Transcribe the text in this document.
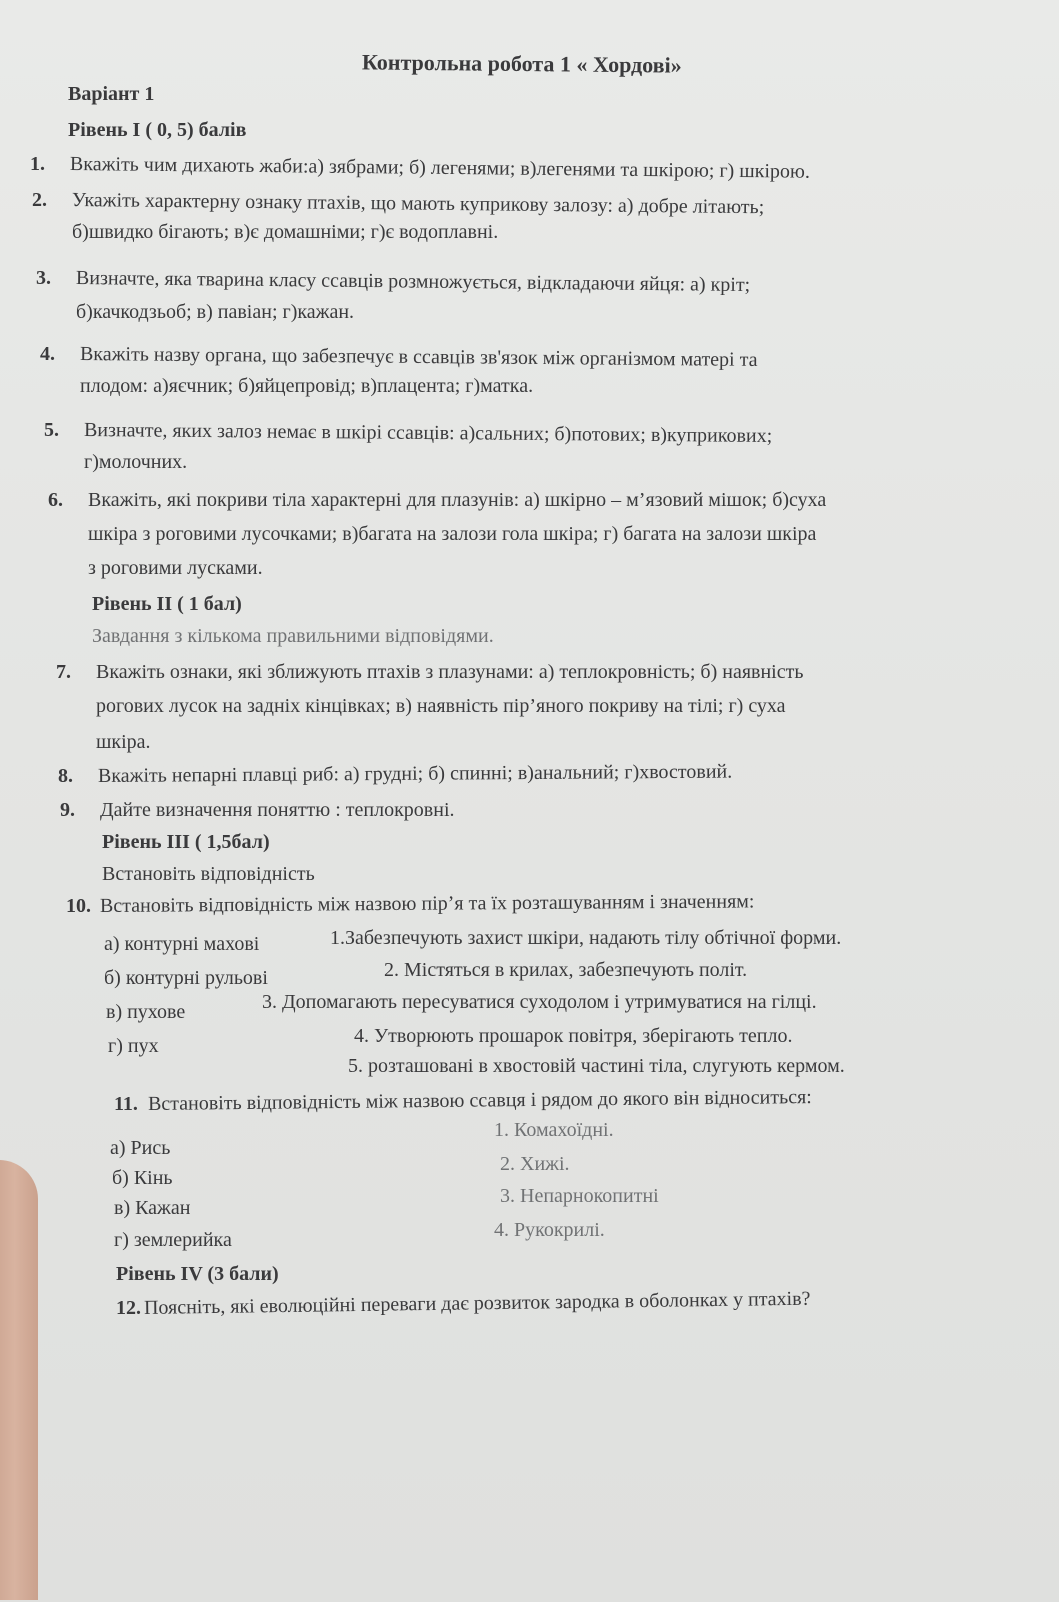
Контрольна робота 1 « Хордові»
Варіант 1
Рівень І ( 0, 5) балів
1. Вкажіть чим дихають жаби:а) зябрами; б) легенями; в)легенями та шкірою; г) шкірою.
2. Укажіть характерну ознаку птахів, що мають куприкову залозу: а) добре літають;
б)швидко бігають; в)є домашніми; г)є водоплавні.
3. Визначте, яка тварина класу ссавців розмножується, відкладаючи яйця: а) кріт;
б)качкодзьоб; в) павіан; г)кажан.
4. Вкажіть назву органа, що забезпечує в ссавців зв'язок між організмом матері та
плодом: а)яєчник; б)яйцепровід; в)плацента; г)матка.
5. Визначте, яких залоз немає в шкірі ссавців: а)сальних; б)потових; в)куприкових;
г)молочних.
6. Вкажіть, які покриви тіла характерні для плазунів: а) шкірно – м’язовий мішок; б)суха
шкіра з роговими лусочками; в)багата на залози гола шкіра; г) багата на залози шкіра
з роговими лусками.
Рівень ІІ ( 1 бал)
Завдання з кількома правильними відповідями.
7. Вкажіть ознаки, які зближують птахів з плазунами: а) теплокровність; б) наявність
рогових лусок на задніх кінцівках; в) наявність пір’яного покриву на тілі; г) суха
шкіра.
8. Вкажіть непарні плавці риб: а) грудні; б) спинні; в)анальний; г)хвостовий.
9. Дайте визначення поняттю : теплокровні.
Рівень ІІІ ( 1,5бал)
Встановіть відповідність
10. Встановіть відповідність між назвою пір’я та їх розташуванням і значенням:
а) контурні махові
б) контурні рульові
в) пухове
г) пух
1.Забезпечують захист шкіри, надають тілу обтічної форми.
2. Містяться в крилах, забезпечують політ.
3. Допомагають пересуватися суходолом і утримуватися на гілці.
4. Утворюють прошарок повітря, зберігають тепло.
5. розташовані в хвостовій частині тіла, слугують кермом.
11. Встановіть відповідність між назвою ссавця і рядом до якого він відноситься:
а) Рись
б) Кінь
в) Кажан
г) землерийка
1. Комахоїдні.
2. Хижі.
3. Непарнокопитні
4. Рукокрилі.
Рівень IV (3 бали)
12. Поясніть, які еволюційні переваги дає розвиток зародка в оболонках у птахів?
